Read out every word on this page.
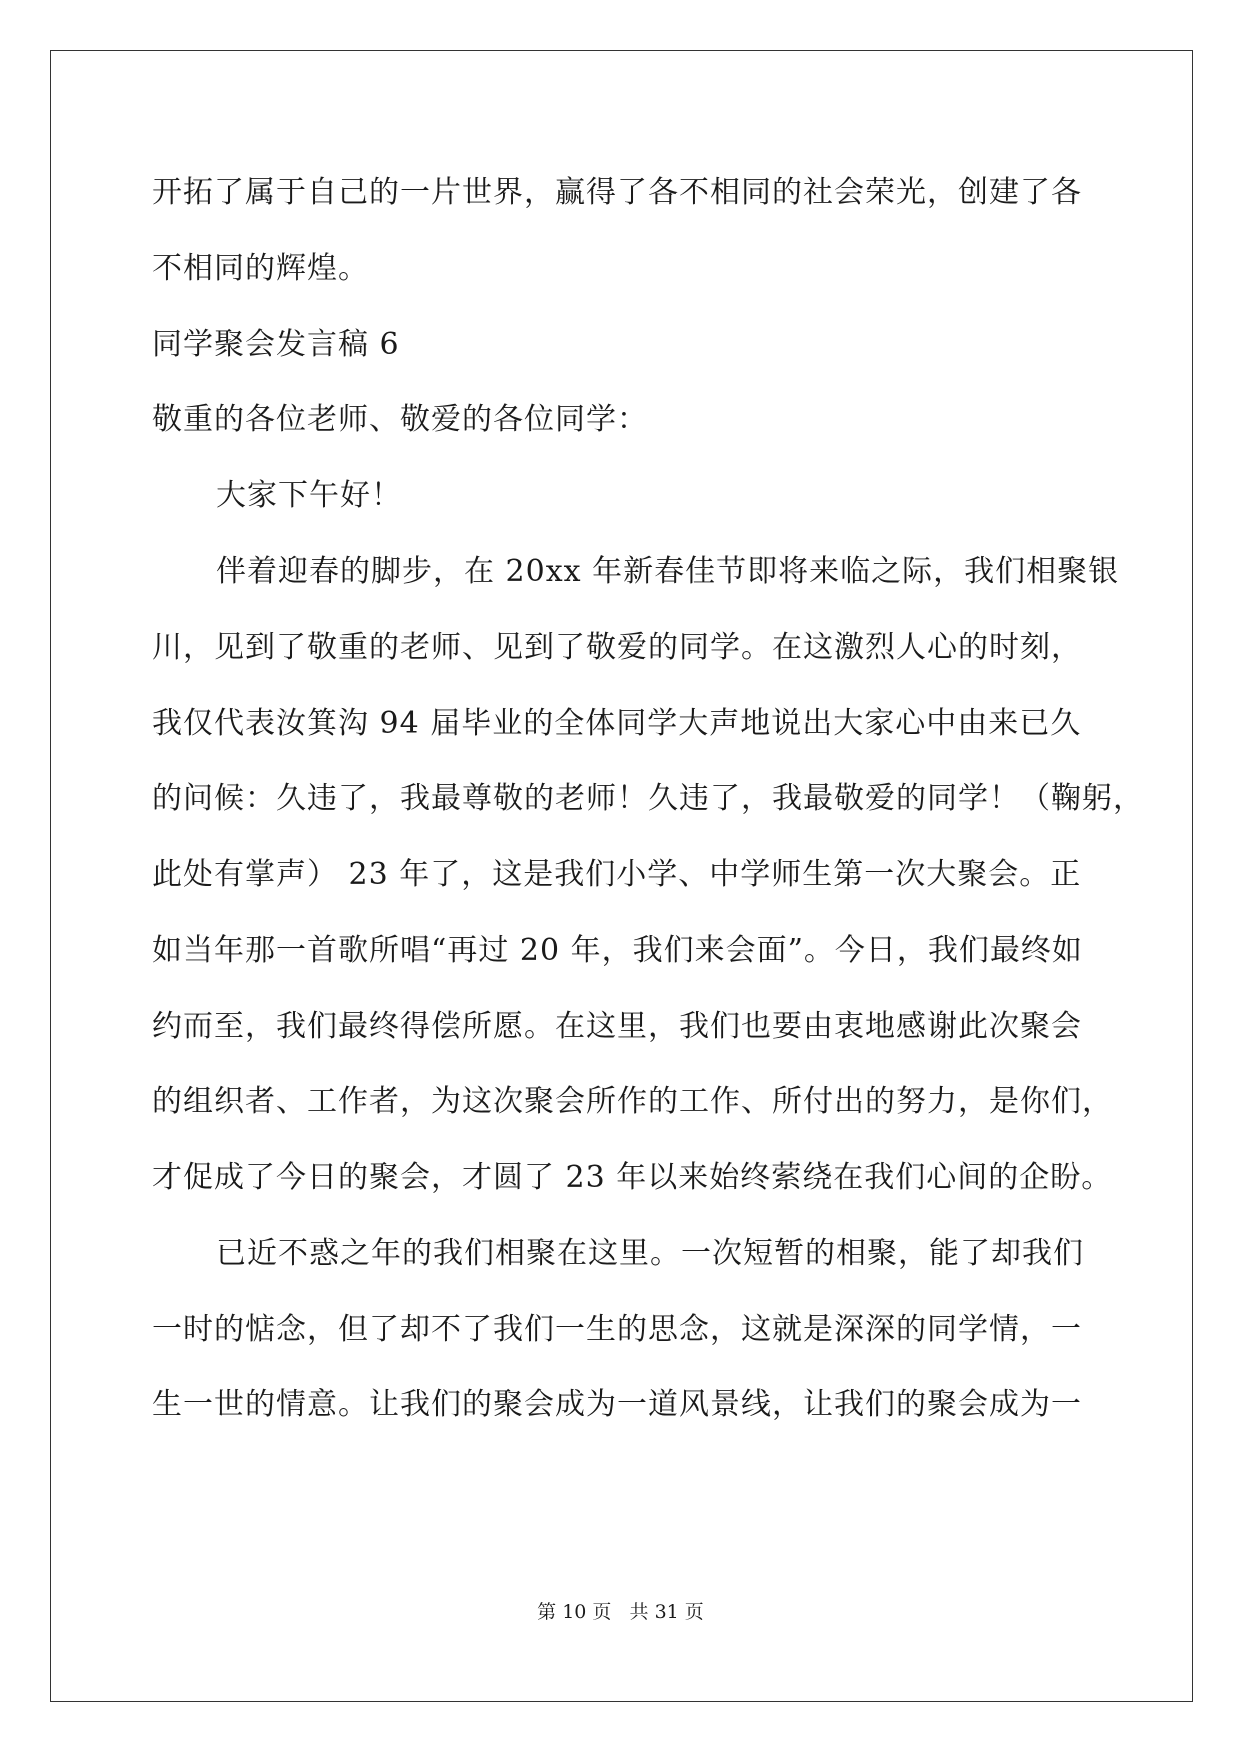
开拓了属于自己的一片世界，赢得了各不相同的社会荣光，创建了各
不相同的辉煌。
同学聚会发言稿 6
敬重的各位老师、敬爱的各位同学：
大家下午好！
伴着迎春的脚步，在 20xx 年新春佳节即将来临之际，我们相聚银
川，见到了敬重的老师、见到了敬爱的同学。在这激烈人心的时刻，
我仅代表汝箕沟 94 届毕业的全体同学大声地说出大家心中由来已久
的问候：久违了，我最尊敬的老师！久违了，我最敬爱的同学！（鞠躬，
此处有掌声） 23 年了，这是我们小学、中学师生第一次大聚会。正
如当年那一首歌所唱“再过 20 年，我们来会面”。今日，我们最终如
约而至，我们最终得偿所愿。在这里，我们也要由衷地感谢此次聚会
的组织者、工作者，为这次聚会所作的工作、所付出的努力，是你们，
才促成了今日的聚会，才圆了 23 年以来始终萦绕在我们心间的企盼。
已近不惑之年的我们相聚在这里。一次短暂的相聚，能了却我们
一时的惦念，但了却不了我们一生的思念，这就是深深的同学情，一
生一世的情意。让我们的聚会成为一道风景线，让我们的聚会成为一
第 10 页   共 31 页
